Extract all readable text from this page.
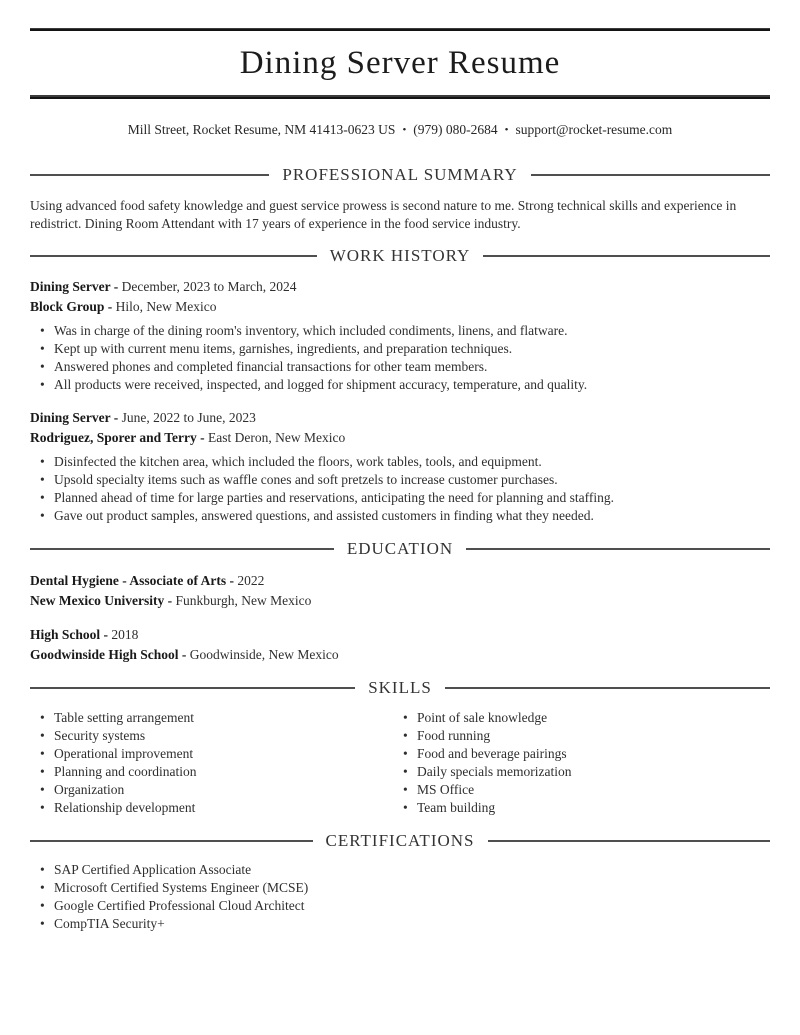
Dining Server Resume
Mill Street, Rocket Resume, NM 41413-0623 US • (979) 080-2684 • support@rocket-resume.com
PROFESSIONAL SUMMARY

Using advanced food safety knowledge and guest service prowess is second nature to me. Strong technical skills and experience in redistrict. Dining Room Attendant with 17 years of experience in the food service industry.

WORK HISTORY
Dining Server - December, 2023 to March, 2024
Block Group - Hilo, New Mexico
• Was in charge of the dining room's inventory, which included condiments, linens, and flatware.
• Kept up with current menu items, garnishes, ingredients, and preparation techniques.
• Answered phones and completed financial transactions for other team members.
• All products were received, inspected, and logged for shipment accuracy, temperature, and quality.
Dining Server - June, 2022 to June, 2023
Rodriguez, Sporer and Terry - East Deron, New Mexico
• Disinfected the kitchen area, which included the floors, work tables, tools, and equipment.
• Upsold specialty items such as waffle cones and soft pretzels to increase customer purchases.
• Planned ahead of time for large parties and reservations, anticipating the need for planning and staffing.
• Gave out product samples, answered questions, and assisted customers in finding what they needed.
EDUCATION
Dental Hygiene - Associate of Arts - 2022
New Mexico University - Funkburgh, New Mexico
High School - 2018
Goodwinside High School - Goodwinside, New Mexico
SKILLS
• Table setting arrangement
• Security systems
• Operational improvement
• Planning and coordination
• Organization
• Relationship development
• Point of sale knowledge
• Food running
• Food and beverage pairings
• Daily specials memorization
• MS Office
• Team building
CERTIFICATIONS
• SAP Certified Application Associate
• Microsoft Certified Systems Engineer (MCSE)
• Google Certified Professional Cloud Architect
• CompTIA Security+
